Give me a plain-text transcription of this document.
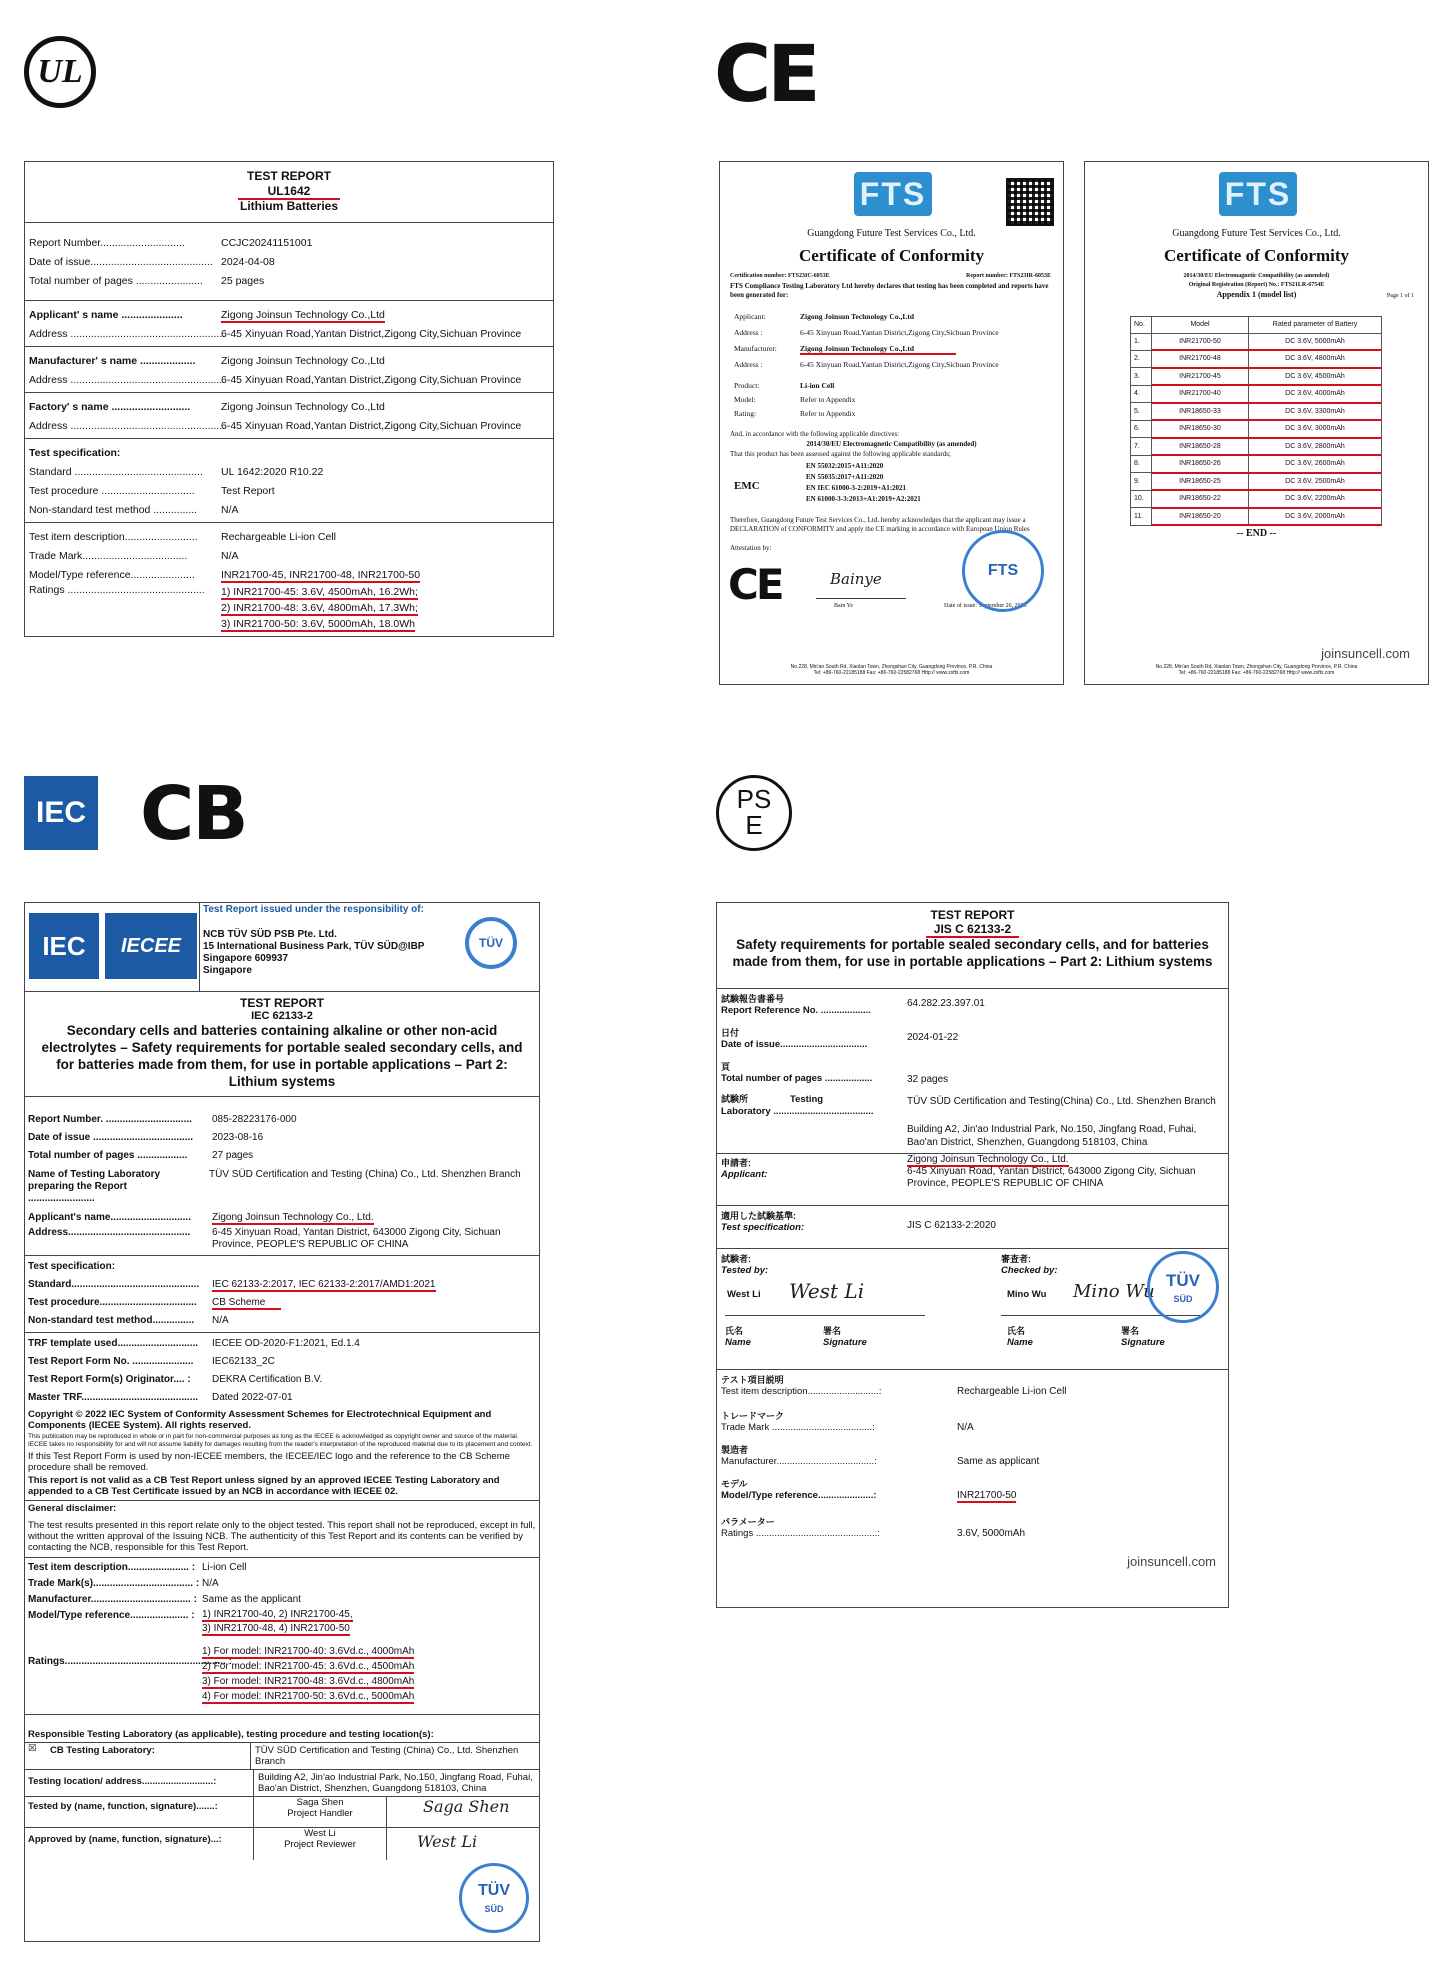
UL
TEST REPORT
UL1642
Lithium Batteries
Report Number.............................	CCJC20241151001
Date of issue.......................................... 2024-04-08
Total number of pages .......................	25 pages
Applicant' s name .....................	Zigong Joinsun Technology Co.,Ltd
Address .....................................................
6-45 Xinyuan Road,Yantan District,Zigong City,Sichuan Province
Manufacturer' s name ...................	Zigong Joinsun Technology Co.,Ltd
Address .....................................................
6-45 Xinyuan Road,Yantan District,Zigong City,Sichuan Province
Factory' s name ...........................	Zigong Joinsun Technology Co.,Ltd
Address .....................................................
6-45 Xinyuan Road,Yantan District,Zigong City,Sichuan Province
Test specification:
Standard ............................................	UL 1642:2020 R10.22
Test procedure ................................	Test Report
Non-standard test method ...............	N/A
Test item description.........................	Rechargeable Li-ion Cell
Trade Mark....................................	N/A
Model/Type reference......................	INR21700-45, INR21700-48, INR21700-50
Ratings ............................................... 1) INR21700-45: 3.6V, 4500mAh, 16.2Wh;
2) INR21700-48: 3.6V, 4800mAh, 17.3Wh;
3) INR21700-50: 3.6V, 5000mAh, 18.0Wh
CE
FTS
Guangdong Future Test Services Co., Ltd.
Certificate of Conformity
Certification number: FTS23IC-6053E	Report number: FTS23IR-6053E
FTS Compliance Testing Laboratory Ltd hereby declares that testing has been completed and reports have been generated for:
Applicant:	Zigong Joinsun Technology Co.,Ltd
Address :	6-45 Xinyuan Road,Yantan District,Zigong City,Sichuan Province
Manufacturer:	Zigong Joinsun Technology Co.,Ltd
Address :	6-45 Xinyuan Road,Yantan District,Zigong City,Sichuan Province
Product:	Li-ion Cell
Model:	Refer to Appendix
Rating:	Refer to Appendix
And, in accordance with the following applicable directives:
2014/30/EU Electromagnetic Compatibility (as amended)
That this product has been assessed against the following applicable standards;
EMC
EN 55032:2015+A11:2020
EN 55035:2017+A11:2020
EN IEC 61000-3-2:2019+A1:2021
EN 61000-3-3:2013+A1:2019+A2:2021
Therefore, Guangdong Future Test Services Co., Ltd. hereby acknowledges that the applicant may issue a DECLARATION of CONFORMITY and apply the CE marking in accordance with European Union Rules
Attestation by:
CE	Bainye
Bain Ye	Date of issue: September 26, 2023
FTS
No.228, Min'an South Rd, Xiaolan Town, Zhongshan City, Guangdong Province, P.R. China
Tel: +86-760-22185188 Fax: +86-760-22582768 Http:// www.zsfts.com
FTS
Guangdong Future Test Services Co., Ltd.
Certificate of Conformity
2014/30/EU Electromagnetic Compatibility (as amended)
Original Registration (Report) No.: FTS21LR-6754E
Appendix 1 (model list)	Page 1 of 1
No.	Model	Rated parameter of Battery
1.	INR21700-50	DC 3.6V, 5000mAh
2.	INR21700-48	DC 3.6V, 4800mAh
3.	INR21700-45	DC 3.6V, 4500mAh
4.	INR21700-40	DC 3.6V, 4000mAh
5.	INR18650-33	DC 3.6V, 3300mAh
6.	INR18650-30	DC 3.6V, 3000mAh
7.	INR18650-28	DC 3.6V, 2800mAh
8.	INR18650-26	DC 3.6V, 2600mAh
9.	INR18650-25	DC 3.6V, 2500mAh
10.	INR18650-22	DC 3.6V, 2200mAh
11.	INR18650-20	DC 3.6V, 2000mAh
-- END --
joinsuncell.com
No.228, Min'an South Rd, Xiaolan Town, Zhongshan City, Guangdong Province, P.R. China
Tel: +86-760-22185188 Fax: +86-760-22582768 Http:// www.zsfts.com
IEC CB
IEC	IECEE
Test Report issued under the responsibility of:
NCB TÜV SÜD PSB Pte. Ltd.
15 International Business Park, TÜV SÜD@IBP
Singapore 609937
Singapore
TÜV
TEST REPORT
IEC 62133-2
Secondary cells and batteries containing alkaline or other non-acid electrolytes – Safety requirements for portable sealed secondary cells, and for batteries made from them, for use in portable applications – Part 2: Lithium systems
Report Number. ...............................	085-28223176-000
Date of issue ....................................	2023-08-16
Total number of pages ..................	27 pages
Name of Testing Laboratory preparing the Report ........................
TÜV SÜD Certification and Testing (China) Co., Ltd. Shenzhen Branch
Applicant's name.............................	Zigong Joinsun Technology Co., Ltd.
Address............................................	6-45 Xinyuan Road, Yantan District, 643000 Zigong City, Sichuan Province, PEOPLE'S REPUBLIC OF CHINA
Test specification:
Standard..............................................	IEC 62133-2:2017, IEC 62133-2:2017/AMD1:2021
Test procedure...................................	CB Scheme
Non-standard test method...............	N/A
TRF template used.............................	IECEE OD-2020-F1:2021, Ed.1.4
Test Report Form No. ......................	IEC62133_2C
Test Report Form(s) Originator.... :	DEKRA Certification B.V.
Master TRF..........................................	Dated 2022-07-01
Copyright © 2022 IEC System of Conformity Assessment Schemes for Electrotechnical Equipment and Components (IECEE System). All rights reserved.
This publication may be reproduced in whole or in part for non-commercial purposes as long as the IECEE is acknowledged as copyright owner and source of the material. IECEE takes no responsibility for and will not assume liability for damages resulting from the reader's interpretation of the reproduced material due to its placement and context.
If this Test Report Form is used by non-IECEE members, the IECEE/IEC logo and the reference to the CB Scheme procedure shall be removed.
This report is not valid as a CB Test Report unless signed by an approved IECEE Testing Laboratory and appended to a CB Test Certificate issued by an NCB in accordance with IECEE 02.
General disclaimer:
The test results presented in this report relate only to the object tested. This report shall not be reproduced, except in full, without the written approval of the Issuing NCB. The authenticity of this Test Report and its contents can be verified by contacting the NCB, responsible for this Test Report.
Test item description...................... : Li-ion Cell
Trade Mark(s).................................... : N/A
Manufacturer.................................... : Same as the applicant
Model/Type reference..................... : 1) INR21700-40, 2) INR21700-45,
3) INR21700-48, 4) INR21700-50
Ratings.......................................................... :
1) For model: INR21700-40: 3.6Vd.c., 4000mAh
2) For model: INR21700-45: 3.6Vd.c., 4500mAh
3) For model: INR21700-48: 3.6Vd.c., 4800mAh
4) For model: INR21700-50: 3.6Vd.c., 5000mAh
Responsible Testing Laboratory (as applicable), testing procedure and testing location(s):
☒	CB Testing Laboratory:	TÜV SÜD Certification and Testing (China) Co., Ltd. Shenzhen Branch
Testing location/ address...........................:	Building A2, Jin'ao Industrial Park, No.150, Jingfang Road, Fuhai, Bao'an District, Shenzhen, Guangdong 518103, China
Tested by (name, function, signature).......:	Saga Shen
Project Handler	Saga Shen
Approved by (name, function, signature)...:
West Li
Project Reviewer	West Li
TÜV
SÜD
PS
E
TEST REPORT
JIS C 62133-2
Safety requirements for portable sealed secondary cells, and for batteries made from them, for use in portable applications – Part 2: Lithium systems
試験報告書番号
Report Reference No. ...................
64.282.23.397.01
日付
Date of issue.................................
2024-01-22
頁
Total number of pages ..................	32 pages
試験所	Testing
Laboratory ......................................
TÜV SÜD Certification and Testing(China) Co., Ltd. Shenzhen Branch
Building A2, Jin'ao Industrial Park, No.150, Jingfang Road, Fuhai, Bao'an District, Shenzhen, Guangdong 518103, China
申請者:
Applicant:
Zigong Joinsun Technology Co., Ltd.
6-45 Xinyuan Road, Yantan District, 643000 Zigong City, Sichuan Province, PEOPLE'S REPUBLIC OF CHINA
適用した試験基準:
Test specification:	JIS C 62133-2:2020
試験者:
Tested by:
審査者:
Checked by:
West Li	Mino Wu
West Li	Mino Wu
氏名
Name
署名
Signature
氏名
Name
署名
Signature
TÜV
SÜD
テスト項目説明
Test item description...........................:	Rechargeable Li-ion Cell
トレードマーク
Trade Mark ......................................:	N/A
製造者
Manufacturer.....................................:	Same as applicant
モデル
Model/Type reference.....................:	INR21700-50
パラメーター
Ratings ..............................................:	3.6V, 5000mAh
joinsuncell.com
